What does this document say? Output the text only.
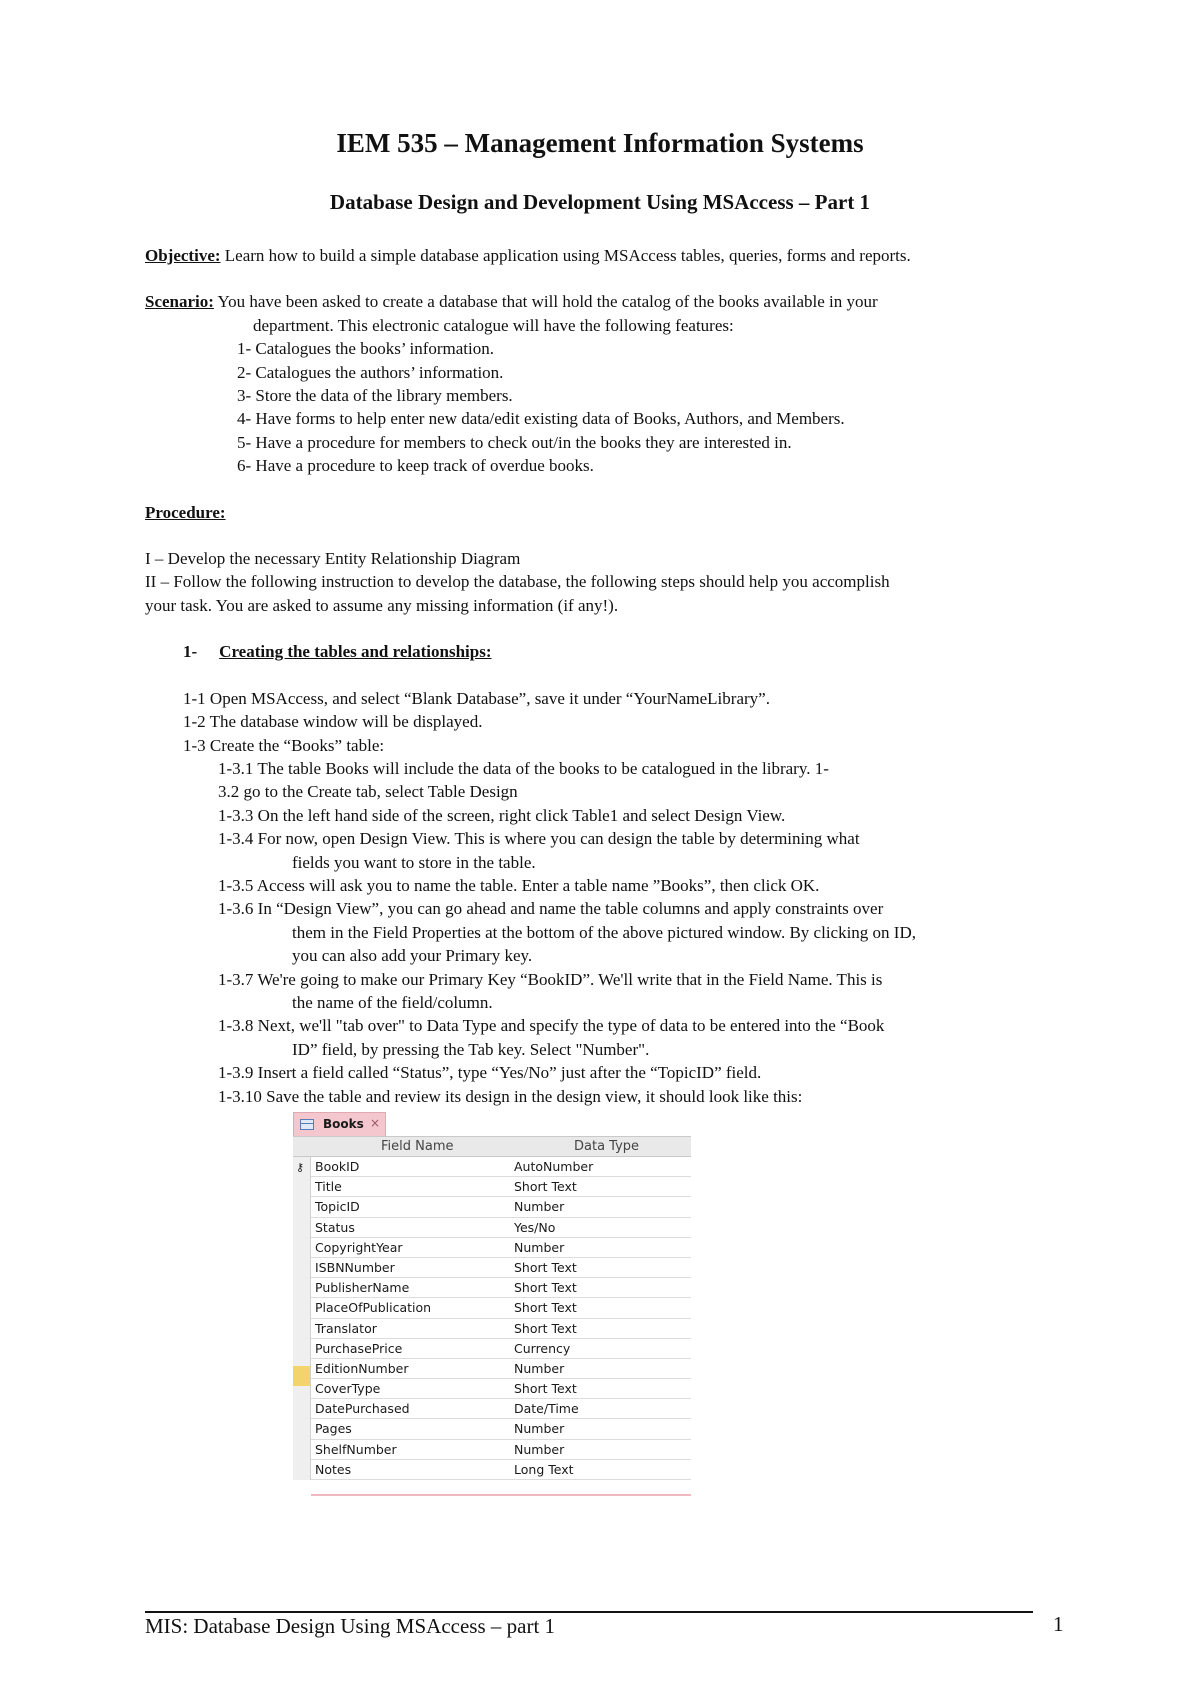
IEM 535 – Management Information Systems
Database Design and Development Using MSAccess – Part 1
Objective: Learn how to build a simple database application using MSAccess tables, queries, forms and reports.
Scenario: You have been asked to create a database that will hold the catalog of the books available in your
department. This electronic catalogue will have the following features:
1- Catalogues the books’ information.
2- Catalogues the authors’ information.
3- Store the data of the library members.
4- Have forms to help enter new data/edit existing data of Books, Authors, and Members.
5- Have a procedure for members to check out/in the books they are interested in.
6- Have a procedure to keep track of overdue books.
Procedure:
I – Develop the necessary Entity Relationship Diagram
II – Follow the following instruction to develop the database, the following steps should help you accomplish
your task. You are asked to assume any missing information (if any!).
1- Creating the tables and relationships:
1-1 Open MSAccess, and select “Blank Database”, save it under “YourNameLibrary”.
1-2 The database window will be displayed.
1-3 Create the “Books” table:
1-3.1 The table Books will include the data of the books to be catalogued in the library. 1-
3.2 go to the Create tab, select Table Design
1-3.3 On the left hand side of the screen, right click Table1 and select Design View.
1-3.4 For now, open Design View. This is where you can design the table by determining what
fields you want to store in the table.
1-3.5 Access will ask you to name the table. Enter a table name ”Books”, then click OK.
1-3.6 In “Design View”, you can go ahead and name the table columns and apply constraints over
them in the Field Properties at the bottom of the above pictured window. By clicking on ID,
you can also add your Primary key.
1-3.7 We're going to make our Primary Key “BookID”. We'll write that in the Field Name. This is
the name of the field/column.
1-3.8 Next, we'll "tab over" to Data Type and specify the type of data to be entered into the “Book
ID” field, by pressing the Tab key. Select "Number".
1-3.9 Insert a field called “Status”, type “Yes/No” just after the “TopicID” field.
1-3.10 Save the table and review its design in the design view, it should look like this:
Books ×
Field Name	Data Type
⚷ BookID	AutoNumber
Title	Short Text
TopicID	Number
Status	Yes/No
CopyrightYear	Number
ISBNNumber	Short Text
PublisherName	Short Text
PlaceOfPublication	Short Text
Translator	Short Text
PurchasePrice	Currency
EditionNumber	Number
CoverType	Short Text
DatePurchased	Date/Time
Pages	Number
ShelfNumber	Number
Notes	Long Text
MIS: Database Design Using MSAccess – part 1	1
